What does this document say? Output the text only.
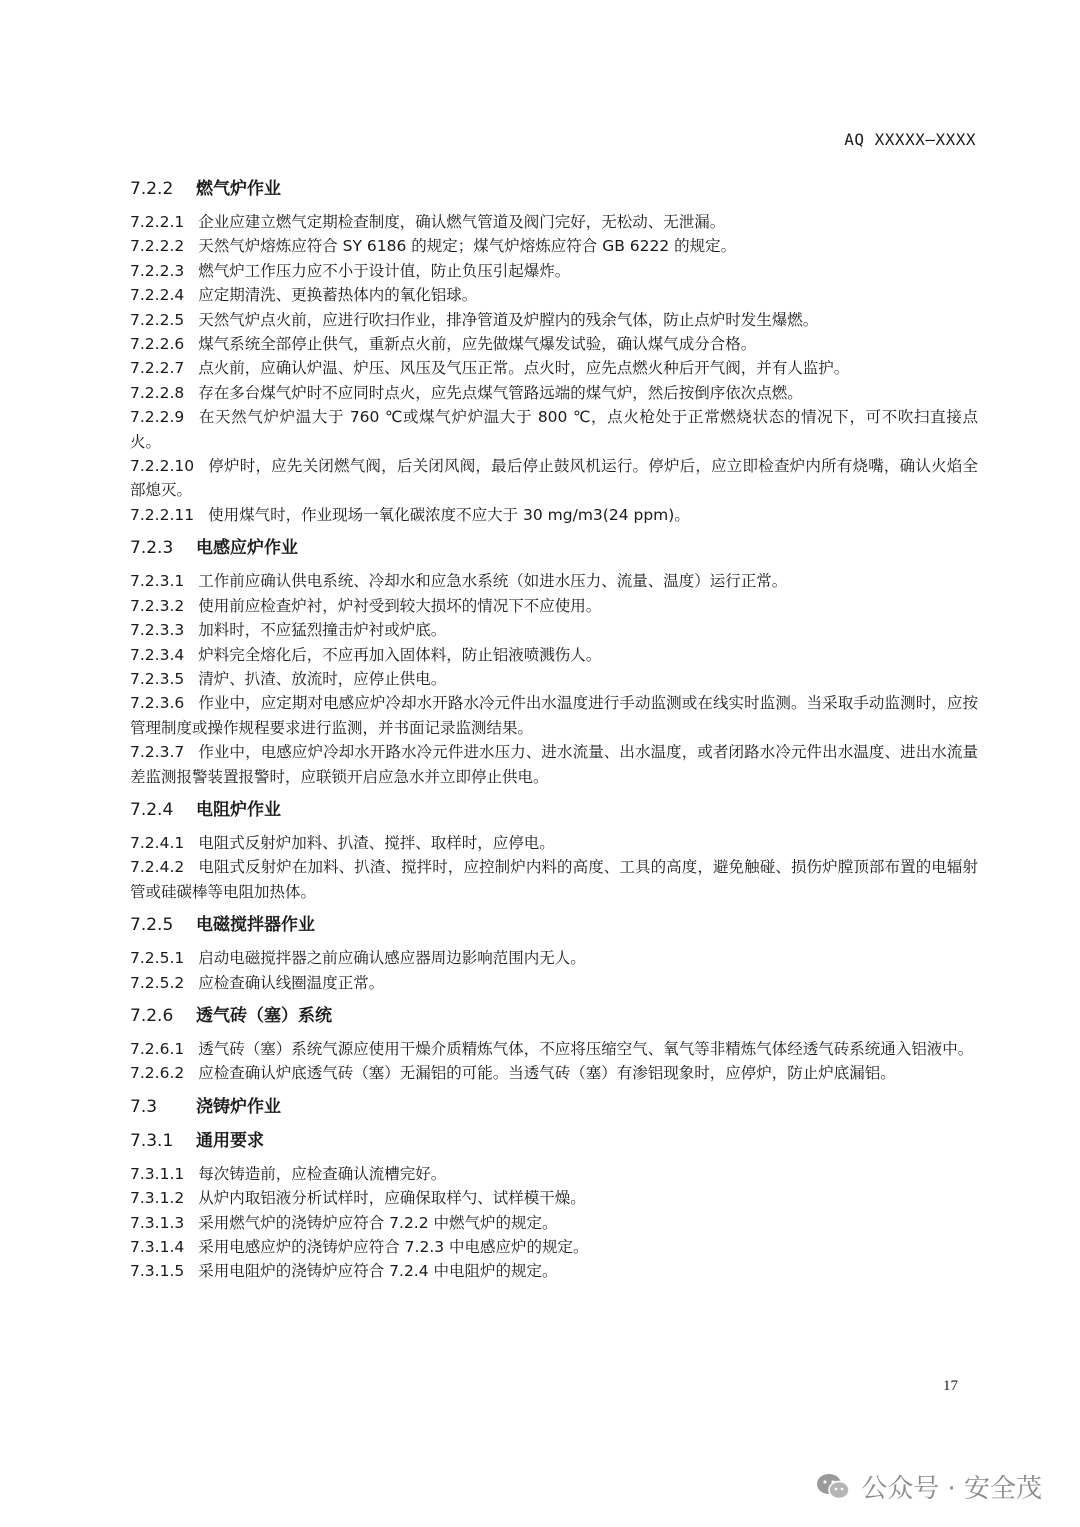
AQ XXXXX—XXXX
7.2.2	燃气炉作业

7.2.2.1 企业应建立燃气定期检查制度，确认燃气管道及阀门完好，无松动、无泄漏。

7.2.2.2 天然气炉熔炼应符合 SY 6186 的规定；煤气炉熔炼应符合 GB 6222 的规定。

7.2.2.3 燃气炉工作压力应不小于设计值，防止负压引起爆炸。

7.2.2.4 应定期清洗、更换蓄热体内的氧化铝球。

7.2.2.5 天然气炉点火前，应进行吹扫作业，排净管道及炉膛内的残余气体，防止点炉时发生爆燃。

7.2.2.6 煤气系统全部停止供气，重新点火前，应先做煤气爆发试验，确认煤气成分合格。

7.2.2.7 点火前，应确认炉温、炉压、风压及气压正常。点火时，应先点燃火种后开气阀，并有人监护。

7.2.2.8 存在多台煤气炉时不应同时点火，应先点煤气管路远端的煤气炉，然后按倒序依次点燃。

7.2.2.9 在天然气炉炉温大于 760 ℃或煤气炉炉温大于 800 ℃，点火枪处于正常燃烧状态的情况下，可不吹扫直接点火。

7.2.2.10 停炉时，应先关闭燃气阀，后关闭风阀，最后停止鼓风机运行。停炉后，应立即检查炉内所有烧嘴，确认火焰全部熄灭。

7.2.2.11 使用煤气时，作业现场一氧化碳浓度不应大于 30 mg/m3(24 ppm)。

7.2.3	电感应炉作业

7.2.3.1 工作前应确认供电系统、冷却水和应急水系统（如进水压力、流量、温度）运行正常。

7.2.3.2 使用前应检查炉衬，炉衬受到较大损坏的情况下不应使用。

7.2.3.3 加料时，不应猛烈撞击炉衬或炉底。

7.2.3.4 炉料完全熔化后，不应再加入固体料，防止铝液喷溅伤人。

7.2.3.5 清炉、扒渣、放流时，应停止供电。

7.2.3.6 作业中，应定期对电感应炉冷却水开路水冷元件出水温度进行手动监测或在线实时监测。当采取手动监测时，应按管理制度或操作规程要求进行监测，并书面记录监测结果。

7.2.3.7 作业中，电感应炉冷却水开路水冷元件进水压力、进水流量、出水温度，或者闭路水冷元件出水温度、进出水流量差监测报警装置报警时，应联锁开启应急水并立即停止供电。

7.2.4	电阻炉作业

7.2.4.1 电阻式反射炉加料、扒渣、搅拌、取样时，应停电。

7.2.4.2 电阻式反射炉在加料、扒渣、搅拌时，应控制炉内料的高度、工具的高度，避免触碰、损伤炉膛顶部布置的电辐射管或硅碳棒等电阻加热体。

7.2.5	电磁搅拌器作业

7.2.5.1 启动电磁搅拌器之前应确认感应器周边影响范围内无人。

7.2.5.2 应检查确认线圈温度正常。

7.2.6	透气砖（塞）系统

7.2.6.1 透气砖（塞）系统气源应使用干燥介质精炼气体，不应将压缩空气、氧气等非精炼气体经透气砖系统通入铝液中。

7.2.6.2 应检查确认炉底透气砖（塞）无漏铝的可能。当透气砖（塞）有渗铝现象时，应停炉，防止炉底漏铝。

7.3	浇铸炉作业
7.3.1	通用要求

7.3.1.1 每次铸造前，应检查确认流槽完好。

7.3.1.2 从炉内取铝液分析试样时，应确保取样勺、试样模干燥。

7.3.1.3 采用燃气炉的浇铸炉应符合 7.2.2 中燃气炉的规定。

7.3.1.4 采用电感应炉的浇铸炉应符合 7.2.3 中电感应炉的规定。

7.3.1.5 采用电阻炉的浇铸炉应符合 7.2.4 中电阻炉的规定。

17
公众号 · 安全茂
